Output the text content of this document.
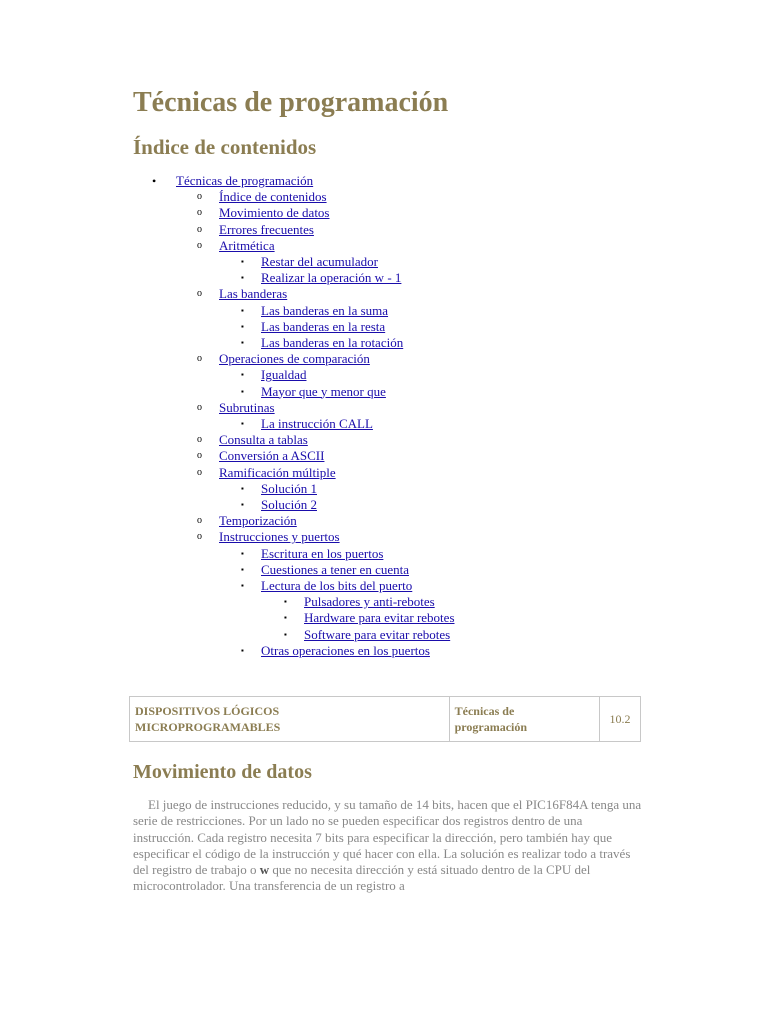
Técnicas de programación
Índice de contenidos
• Técnicas de programación
o Índice de contenidos
o Movimiento de datos
o Errores frecuentes
o Aritmética
▪ Restar del acumulador
▪ Realizar la operación w - 1
o Las banderas
▪ Las banderas en la suma
▪ Las banderas en la resta
▪ Las banderas en la rotación
o Operaciones de comparación
▪ Igualdad
▪ Mayor que y menor que
o Subrutinas
▪ La instrucción CALL
o Consulta a tablas
o Conversión a ASCII
o Ramificación múltiple
▪ Solución 1
▪ Solución 2
o Temporización
o Instrucciones y puertos
▪ Escritura en los puertos
▪ Cuestiones a tener en cuenta
▪ Lectura de los bits del puerto
▪ Pulsadores y anti-rebotes
▪ Hardware para evitar rebotes
▪ Software para evitar rebotes
▪ Otras operaciones en los puertos
DISPOSITIVOS LÓGICOS
MICROPROGRAMABLES	Técnicas de
programación	10.2
Movimiento de datos

El juego de instrucciones reducido, y su tamaño de 14 bits, hacen que el PIC16F84A tenga una serie de restricciones. Por un lado no se pueden especificar dos registros dentro de una instrucción. Cada registro necesita 7 bits para especificar la dirección, pero también hay que especificar el código de la instrucción y qué hacer con ella. La solución es realizar todo a través del registro de trabajo o w que no necesita dirección y está situado dentro de la CPU del microcontrolador. Una transferencia de un registro a
